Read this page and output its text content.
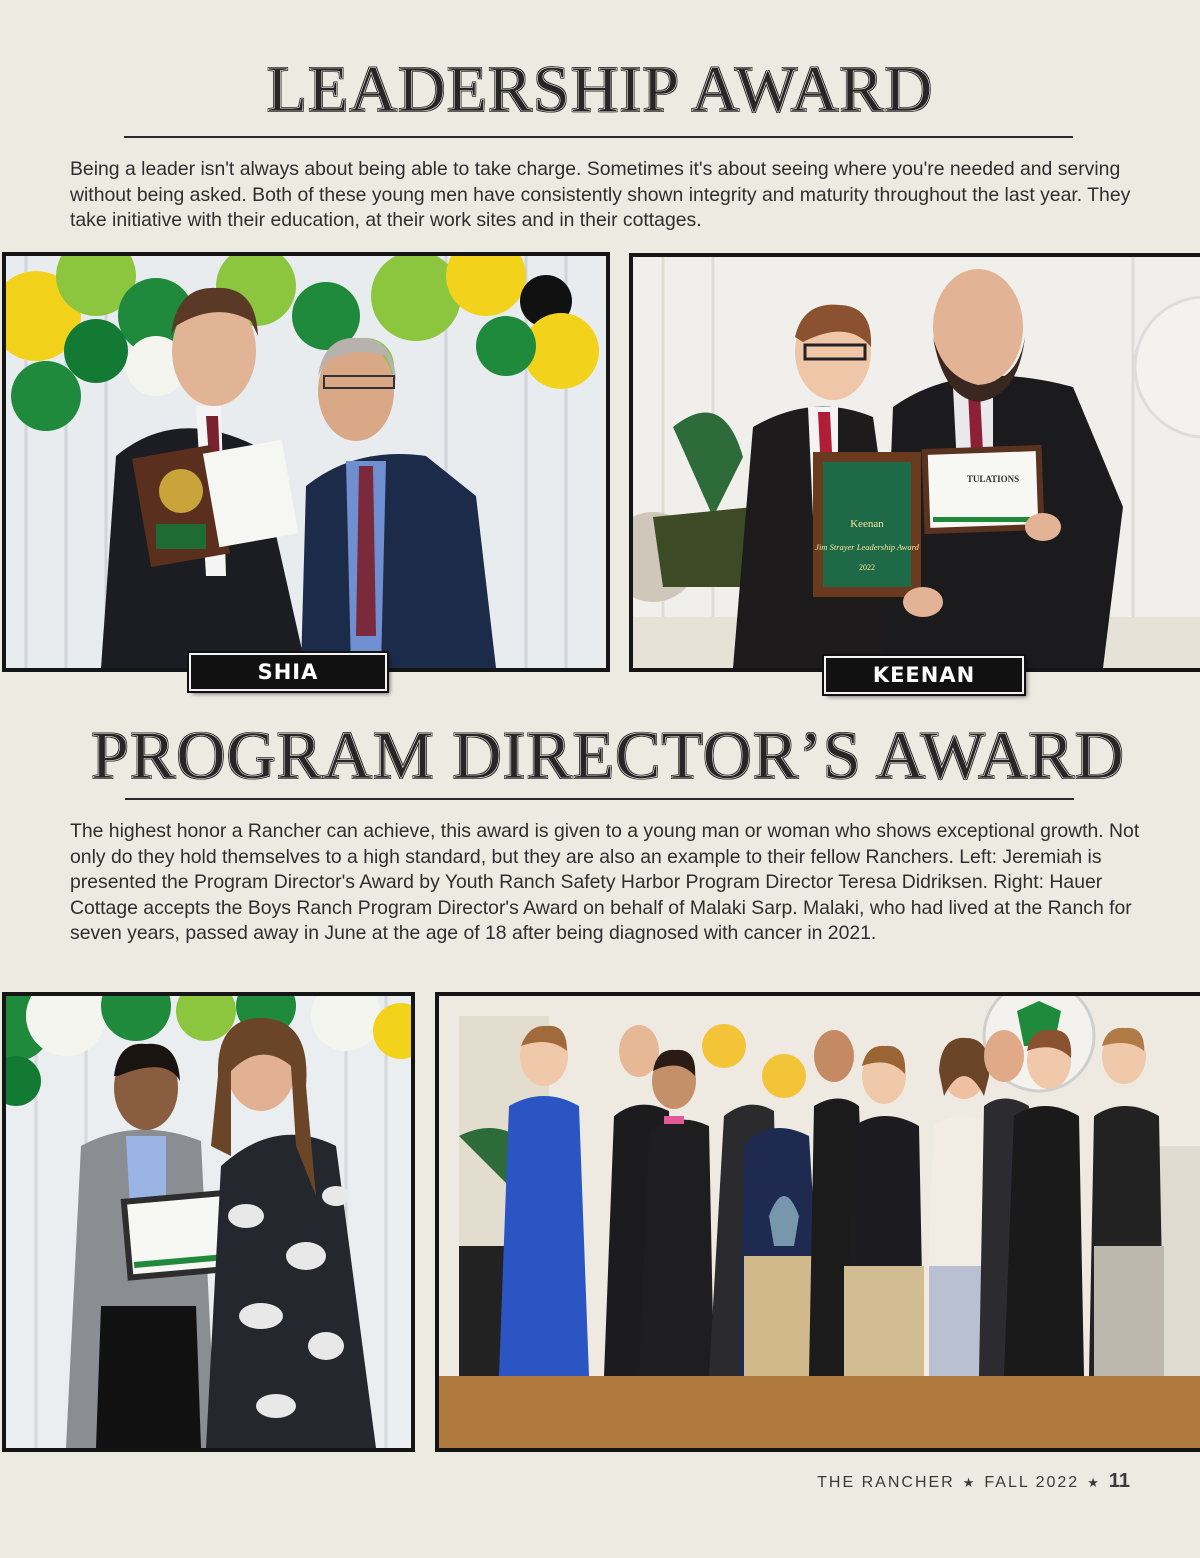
LEADERSHIP AWARD

Being a leader isn't always about being able to take charge. Sometimes it's about seeing where you're needed and serving without being asked. Both of these young men have consistently shown integrity and maturity throughout the last year. They take initiative with their education, at their work sites and in their cottages.

Keenan
Jim Strayer Leadership Award
2022
TULATIONS
SHIA	KEENAN
PROGRAM DIRECTOR’S AWARD

The highest honor a Rancher can achieve, this award is given to a young man or woman who shows exceptional growth. Not only do they hold themselves to a high standard, but they are also an example to their fellow Ranchers. Left: Jeremiah is presented the Program Director's Award by Youth Ranch Safety Harbor Program Director Teresa Didriksen. Right: Hauer Cottage accepts the Boys Ranch Program Director's Award on behalf of Malaki Sarp. Malaki, who had lived at the Ranch for seven years, passed away in June at the age of 18 after being diagnosed with cancer in 2021.

THE RANCHER ★ FALL 2022 ★ 11
